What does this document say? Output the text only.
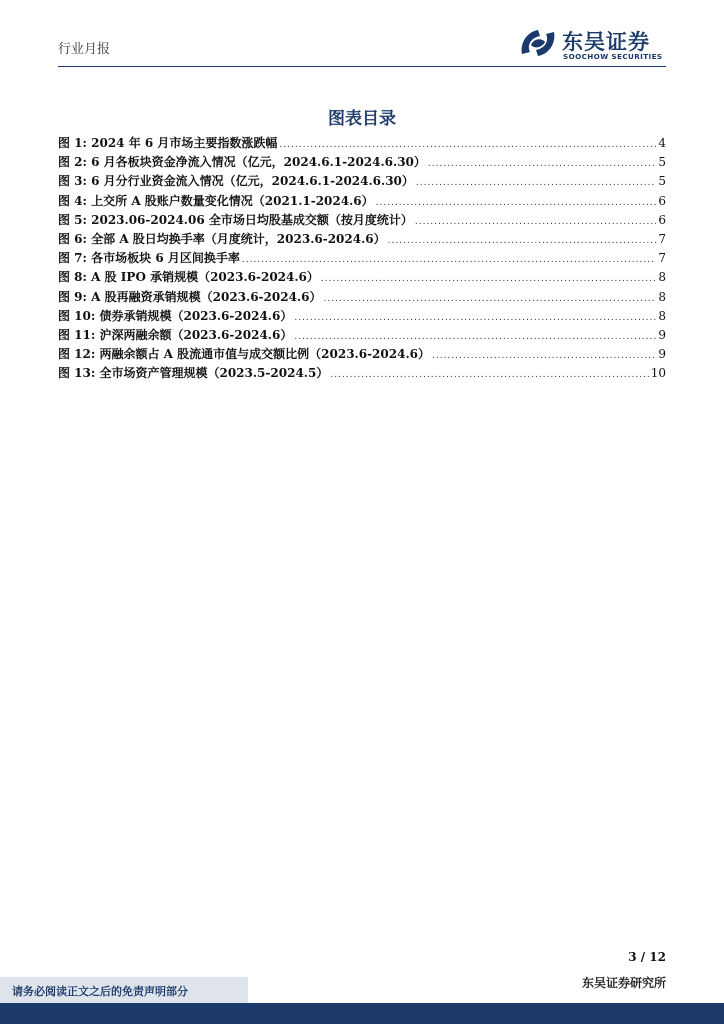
行业月报	东吴证券
SOOCHOW SECURITIES
图表目录
图 1: 2024 年 6 月市场主要指数涨跌幅 .....	4
图 2: 6 月各板块资金净流入情况（亿元，2024.6.1-2024.6.30） .....	5
图 3: 6 月分行业资金流入情况（亿元，2024.6.1-2024.6.30） .....	5
图 4: 上交所 A 股账户数量变化情况（2021.1-2024.6） .....	6
图 5: 2023.06-2024.06 全市场日均股基成交额（按月度统计） .....	6
图 6: 全部 A 股日均换手率（月度统计，2023.6-2024.6） .....	7
图 7: 各市场板块 6 月区间换手率 .....	7
图 8: A 股 IPO 承销规模（2023.6-2024.6） .....	8
图 9: A 股再融资承销规模（2023.6-2024.6） .....	8
图 10: 债券承销规模（2023.6-2024.6） .....	8
图 11: 沪深两融余额（2023.6-2024.6） .....	9
图 12: 两融余额占 A 股流通市值与成交额比例（2023.6-2024.6） .....	9
图 13: 全市场资产管理规模（2023.5-2024.5） .....	10
3 / 12
东吴证券研究所
请务必阅读正文之后的免责声明部分
